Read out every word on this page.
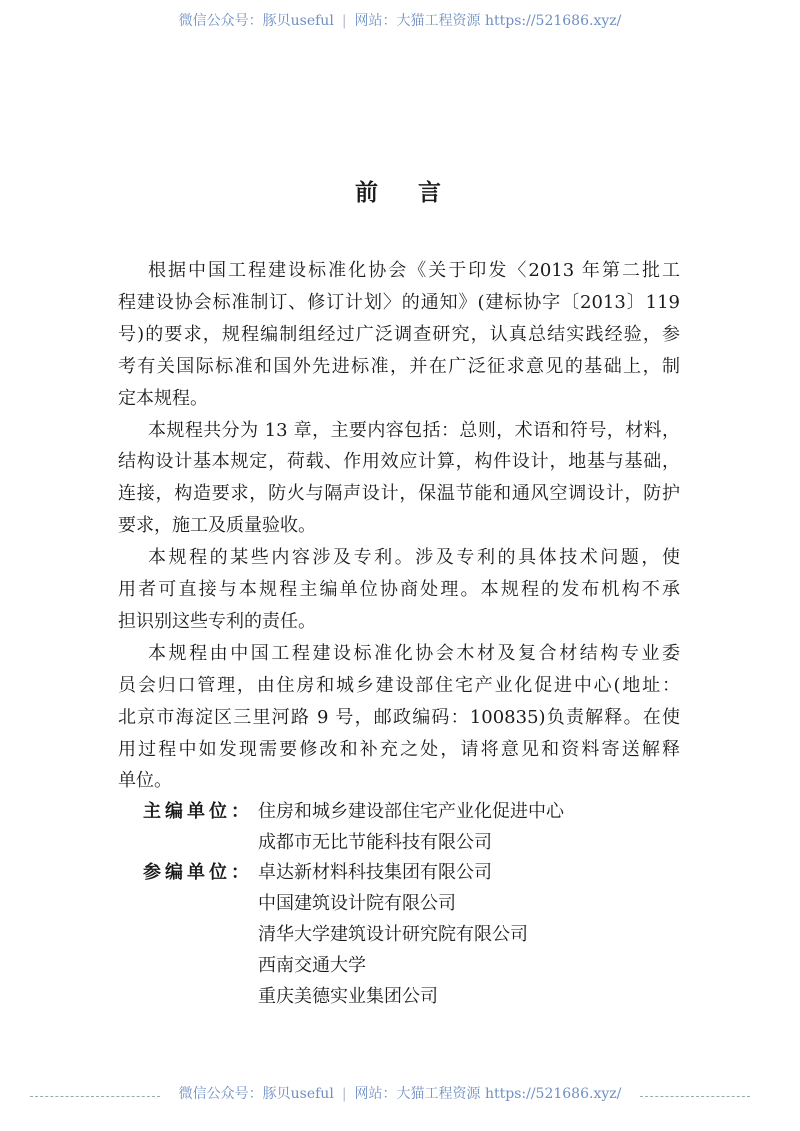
微信公众号：豚贝useful | 网站：大猫工程资源 https://521686.xyz/
前言
根据中国工程建设标准化协会《关于印发〈2013 年第二批工
程建设协会标准制订、修订计划〉的通知》(建标协字〔2013〕119
号)的要求，规程编制组经过广泛调查研究，认真总结实践经验，参
考有关国际标准和国外先进标准，并在广泛征求意见的基础上，制
定本规程。
本规程共分为 13 章，主要内容包括：总则，术语和符号，材料，
结构设计基本规定，荷载、作用效应计算，构件设计，地基与基础，
连接，构造要求，防火与隔声设计，保温节能和通风空调设计，防护
要求，施工及质量验收。
本规程的某些内容涉及专利。涉及专利的具体技术问题，使
用者可直接与本规程主编单位协商处理。本规程的发布机构不承
担识别这些专利的责任。
本规程由中国工程建设标准化协会木材及复合材结构专业委
员会归口管理，由住房和城乡建设部住宅产业化促进中心(地址：
北京市海淀区三里河路 9 号，邮政编码：100835)负责解释。在使
用过程中如发现需要修改和补充之处，请将意见和资料寄送解释
单位。
主编单位： 住房和城乡建设部住宅产业化促进中心
成都市无比节能科技有限公司
参编单位： 卓达新材料科技集团有限公司
中国建筑设计院有限公司
清华大学建筑设计研究院有限公司
西南交通大学
重庆美德实业集团公司
微信公众号：豚贝useful | 网站：大猫工程资源 https://521686.xyz/
